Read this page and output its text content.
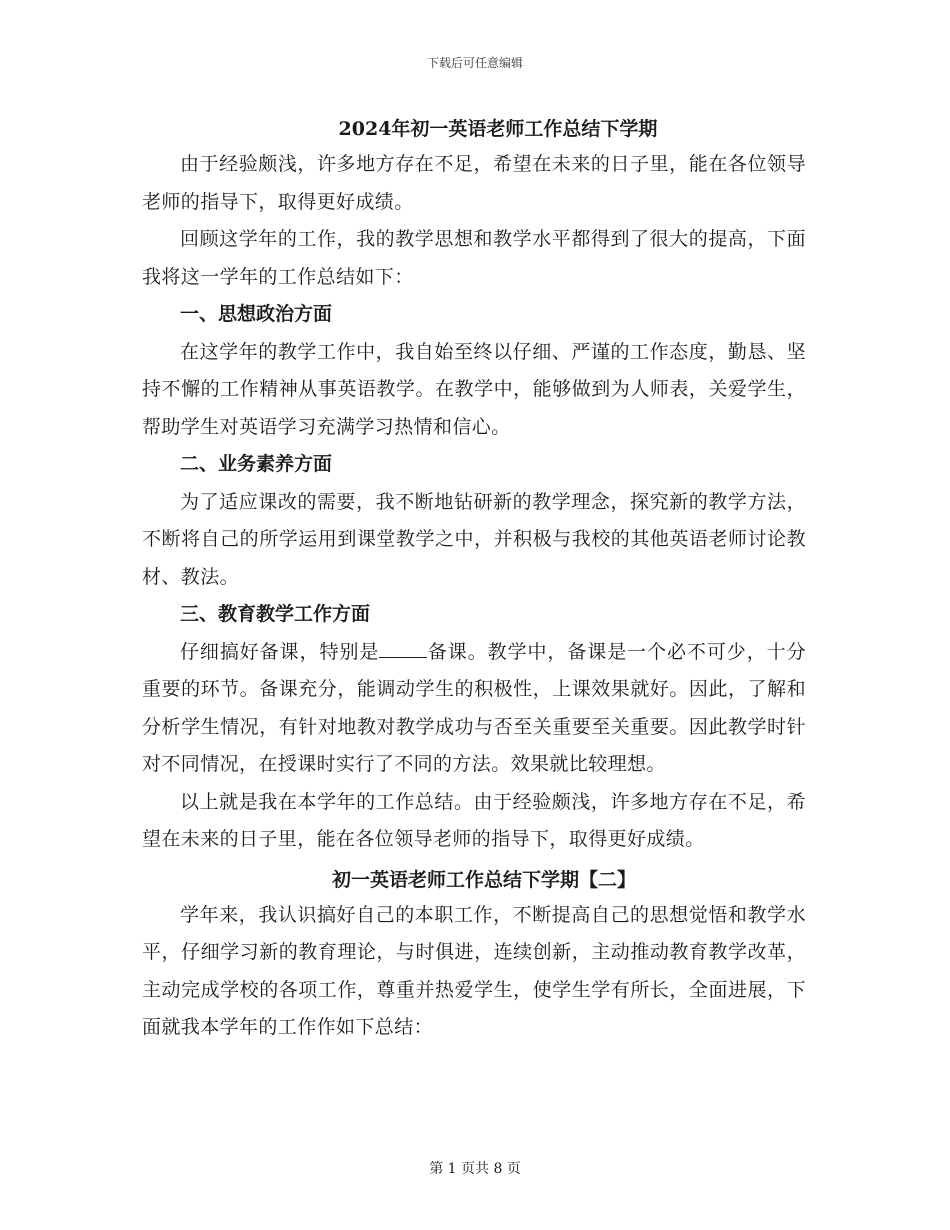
下载后可任意编辑
2024年初一英语老师工作总结下学期

由于经验颇浅，许多地方存在不足，希望在未来的日子里，能在各位领导老师的指导下，取得更好成绩。

回顾这学年的工作，我的教学思想和教学水平都得到了很大的提高，下面我将这一学年的工作总结如下：

一、思想政治方面

在这学年的教学工作中，我自始至终以仔细、严谨的工作态度，勤恳、坚持不懈的工作精神从事英语教学。在教学中，能够做到为人师表，关爱学生，帮助学生对英语学习充满学习热情和信心。

二、业务素养方面

为了适应课改的需要，我不断地钻研新的教学理念，探究新的教学方法，不断将自己的所学运用到课堂教学之中，并积极与我校的其他英语老师讨论教材、教法。

三、教育教学工作方面

仔细搞好备课，特别是	备课。教学中，备课是一个必不可少，十分重要的环节。备课充分，能调动学生的积极性，上课效果就好。因此，了解和分析学生情况，有针对地教对教学成功与否至关重要至关重要。因此教学时针对不同情况，在授课时实行了不同的方法。效果就比较理想。

以上就是我在本学年的工作总结。由于经验颇浅，许多地方存在不足，希望在未来的日子里，能在各位领导老师的指导下，取得更好成绩。

初一英语老师工作总结下学期【二】

学年来，我认识搞好自己的本职工作，不断提高自己的思想觉悟和教学水平，仔细学习新的教育理论，与时俱进，连续创新，主动推动教育教学改革，主动完成学校的各项工作，尊重并热爱学生，使学生学有所长，全面进展，下面就我本学年的工作作如下总结：

第 1 页共 8 页
